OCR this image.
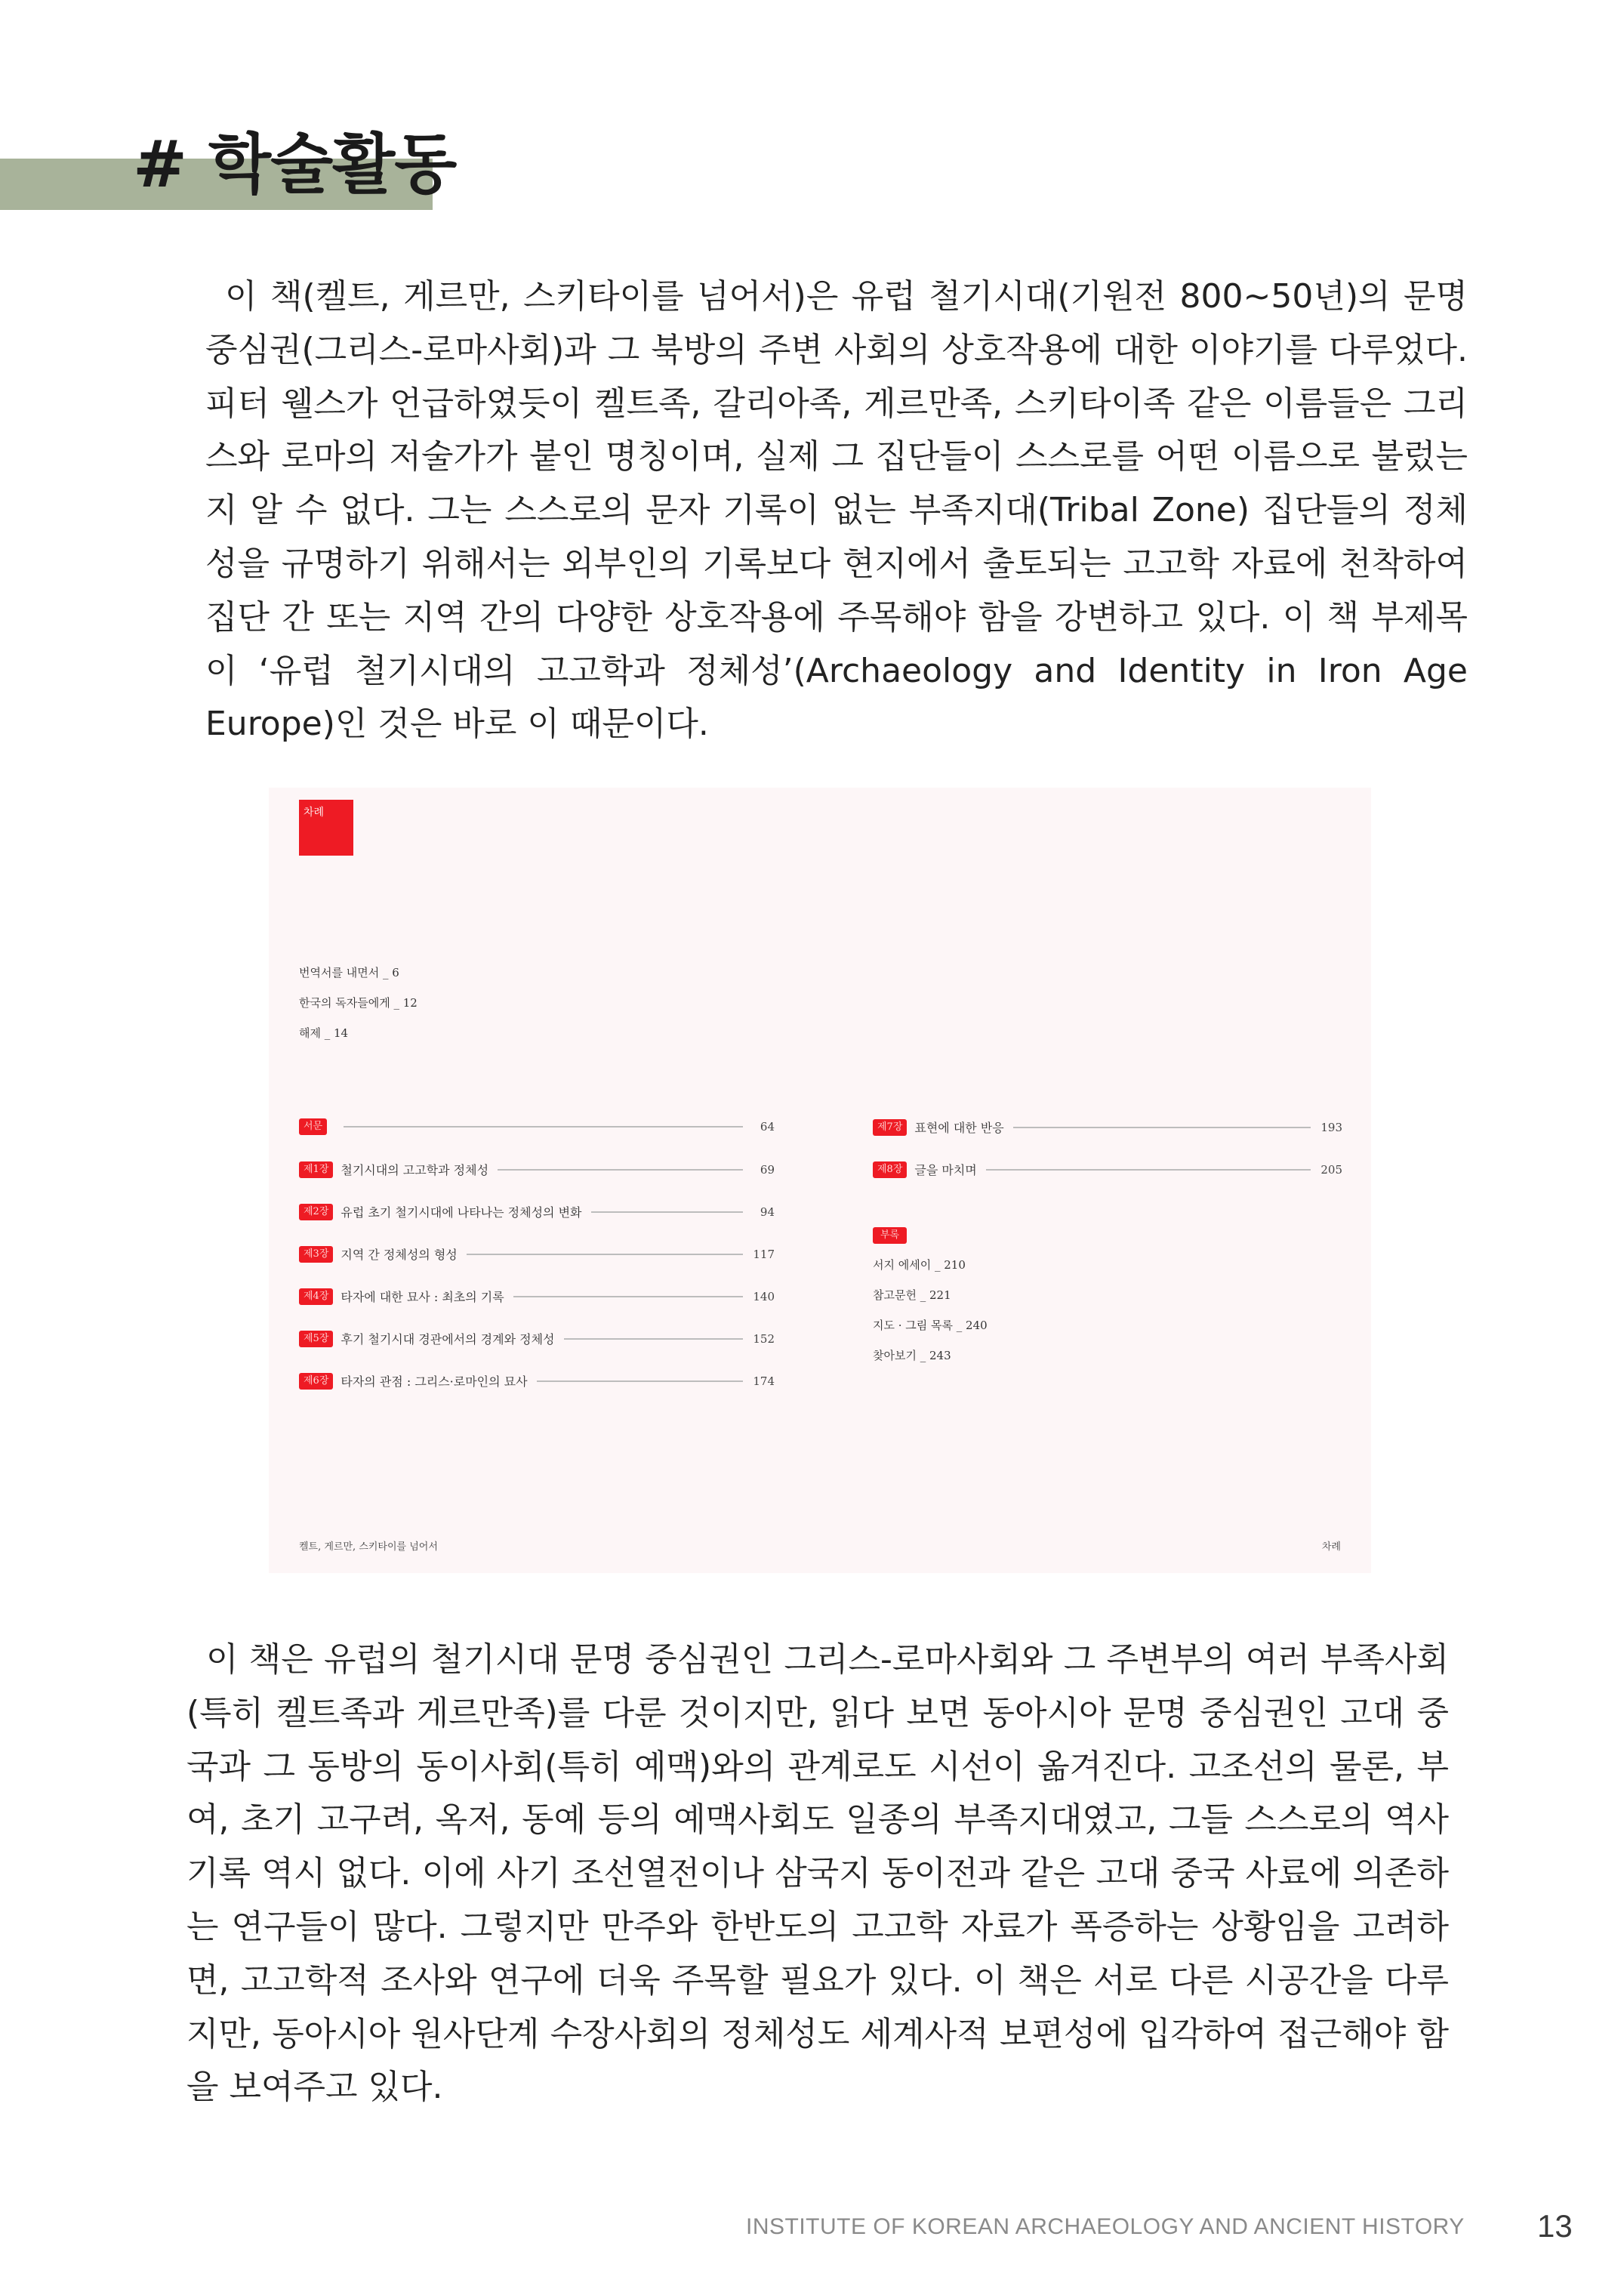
# 학술활동

이 책(켈트, 게르만, 스키타이를 넘어서)은 유럽 철기시대(기원전 800~50년)의 문명 중심권(그리스-로마사회)과 그 북방의 주변 사회의 상호작용에 대한 이야기를 다루었다. 피터 웰스가 언급하였듯이 켈트족, 갈리아족, 게르만족, 스키타이족 같은 이름들은 그리스와 로마의 저술가가 붙인 명칭이며, 실제 그 집단들이 스스로를 어떤 이름으로 불렀는지 알 수 없다. 그는 스스로의 문자 기록이 없는 부족지대(Tribal Zone) 집단들의 정체성을 규명하기 위해서는 외부인의 기록보다 현지에서 출토되는 고고학 자료에 천착하여 집단 간 또는 지역 간의 다양한 상호작용에 주목해야 함을 강변하고 있다. 이 책 부제목이 ‘유럽 철기시대의 고고학과 정체성’(Archaeology and Identity in Iron Age Europe)인 것은 바로 이 때문이다.

차례
번역서를 내면서 _ 6
한국의 독자들에게 _ 12
해제 _ 14
서문	64
제1장	철기시대의 고고학과 정체성	69
제2장	유럽 초기 철기시대에 나타나는 정체성의 변화	94
제3장	지역 간 정체성의 형성	117
제4장	타자에 대한 묘사 : 최초의 기록	140
제5장	후기 철기시대 경관에서의 경계와 정체성	152
제6장	타자의 관점 : 그리스·로마인의 묘사	174
제7장	표현에 대한 반응	193
제8장	글을 마치며	205
부록
서지 에세이 _ 210
참고문헌 _ 221
지도 · 그림 목록 _ 240
찾아보기 _ 243
켈트, 게르만, 스키타이를 넘어서	차례

이 책은 유럽의 철기시대 문명 중심권인 그리스-로마사회와 그 주변부의 여러 부족사회(특히 켈트족과 게르만족)를 다룬 것이지만, 읽다 보면 동아시아 문명 중심권인 고대 중국과 그 동방의 동이사회(특히 예맥)와의 관계로도 시선이 옮겨진다. 고조선의 물론, 부여, 초기 고구려, 옥저, 동예 등의 예맥사회도 일종의 부족지대였고, 그들 스스로의 역사 기록 역시 없다. 이에 사기 조선열전이나 삼국지 동이전과 같은 고대 중국 사료에 의존하는 연구들이 많다. 그렇지만 만주와 한반도의 고고학 자료가 폭증하는 상황임을 고려하면, 고고학적 조사와 연구에 더욱 주목할 필요가 있다. 이 책은 서로 다른 시공간을 다루지만, 동아시아 원사단계 수장사회의 정체성도 세계사적 보편성에 입각하여 접근해야 함을 보여주고 있다.

INSTITUTE OF KOREAN ARCHAEOLOGY AND ANCIENT HISTORY 13
